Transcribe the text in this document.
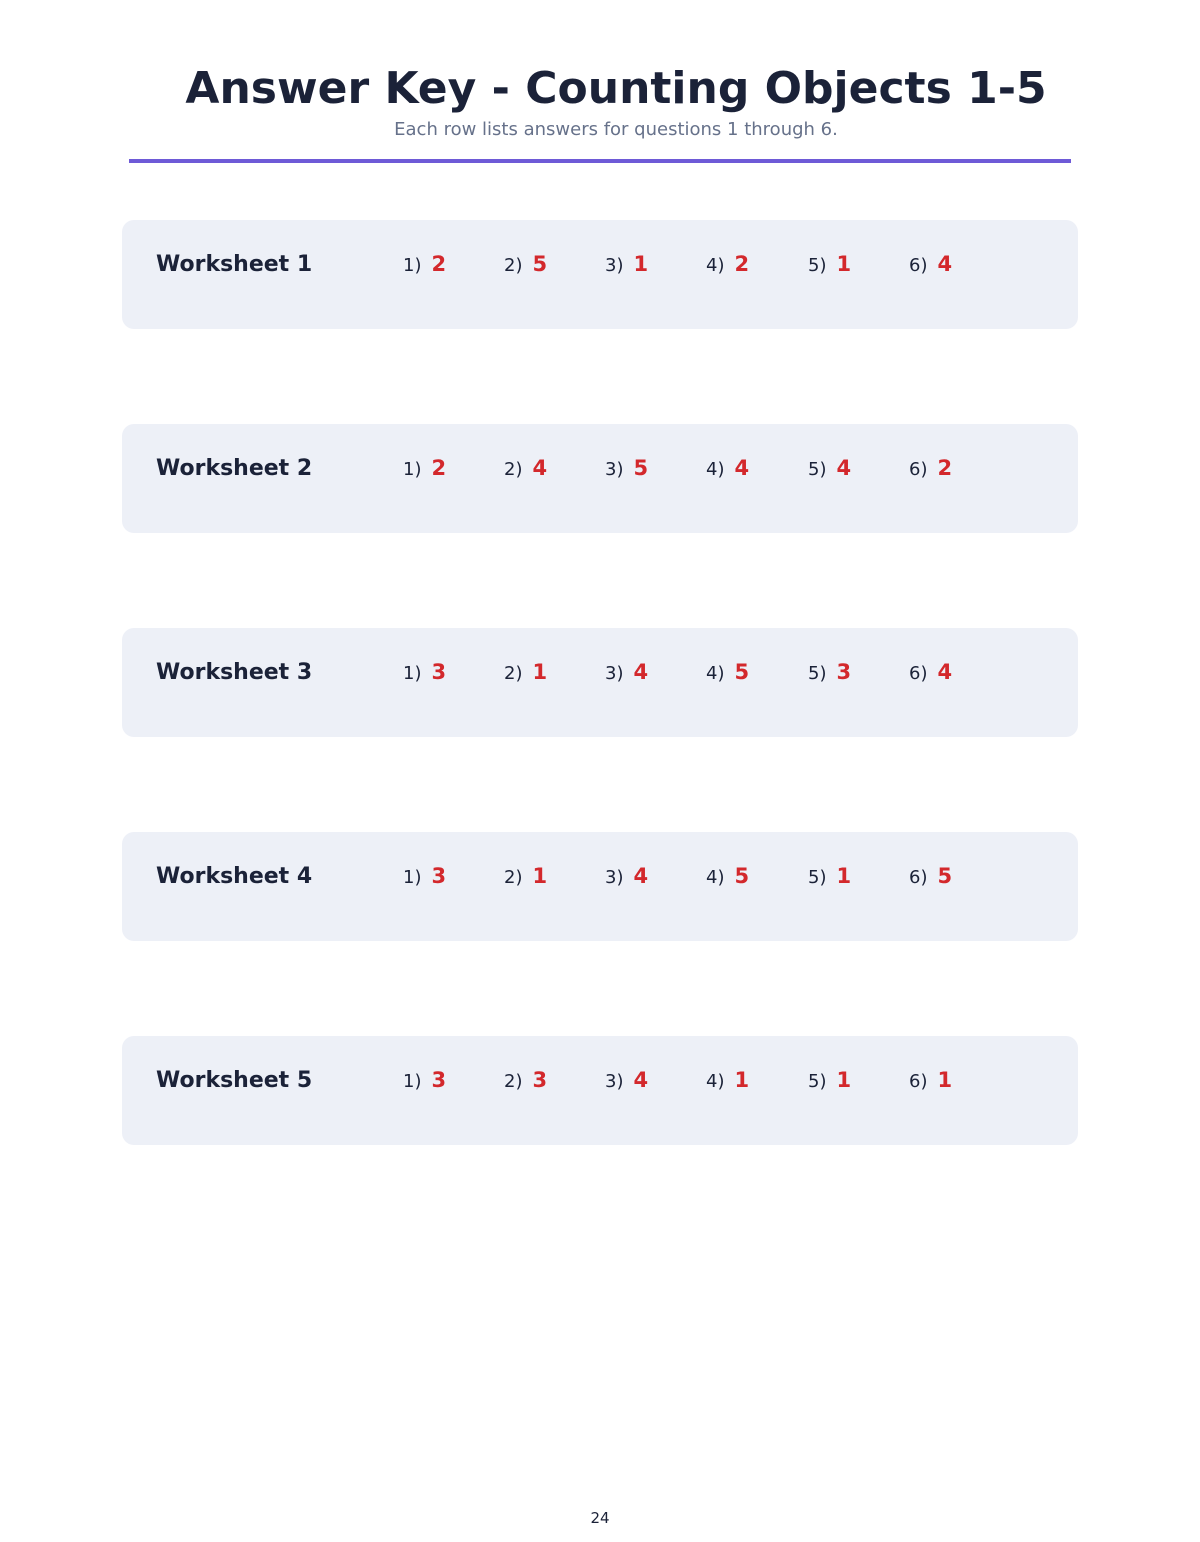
Answer Key - Counting Objects 1-5

Each row lists answers for questions 1 through 6.

Worksheet 1	1) 2	2) 5	3) 1	4) 2	5) 1	6) 4
Worksheet 2	1) 2	2) 4	3) 5	4) 4	5) 4	6) 2
Worksheet 3	1) 3	2) 1	3) 4	4) 5	5) 3	6) 4
Worksheet 4	1) 3	2) 1	3) 4	4) 5	5) 1	6) 5
Worksheet 5	1) 3	2) 3	3) 4	4) 1	5) 1	6) 1
24
